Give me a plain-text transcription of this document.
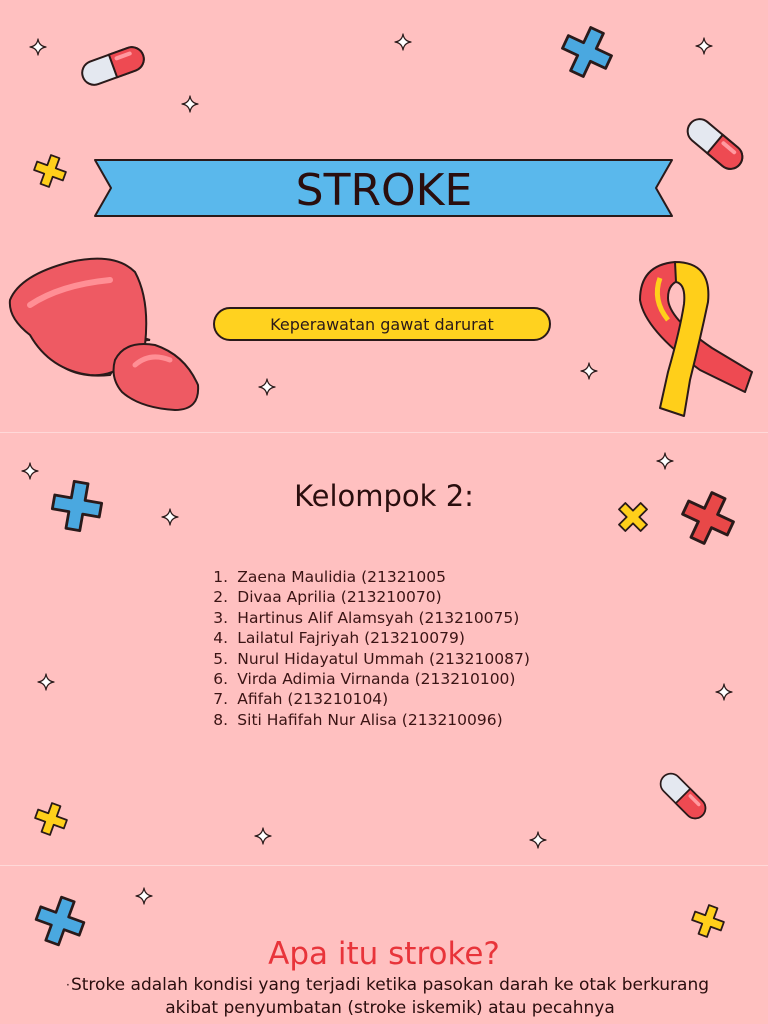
STROKE
Keperawatan gawat darurat
Kelompok 2:
1. Zaena Maulidia (21321005
2. Divaa Aprilia (213210070)
3. Hartinus Alif Alamsyah (213210075)
4. Lailatul Fajriyah (213210079)
5. Nurul Hidayatul Ummah (213210087)
6. Virda Adimia Virnanda (213210100)
7. Afifah (213210104)
8. Siti Hafifah Nur Alisa (213210096)
Apa itu stroke?
· Stroke adalah kondisi yang terjadi ketika pasokan darah ke otak berkurang akibat penyumbatan (stroke iskemik) atau pecahnya
